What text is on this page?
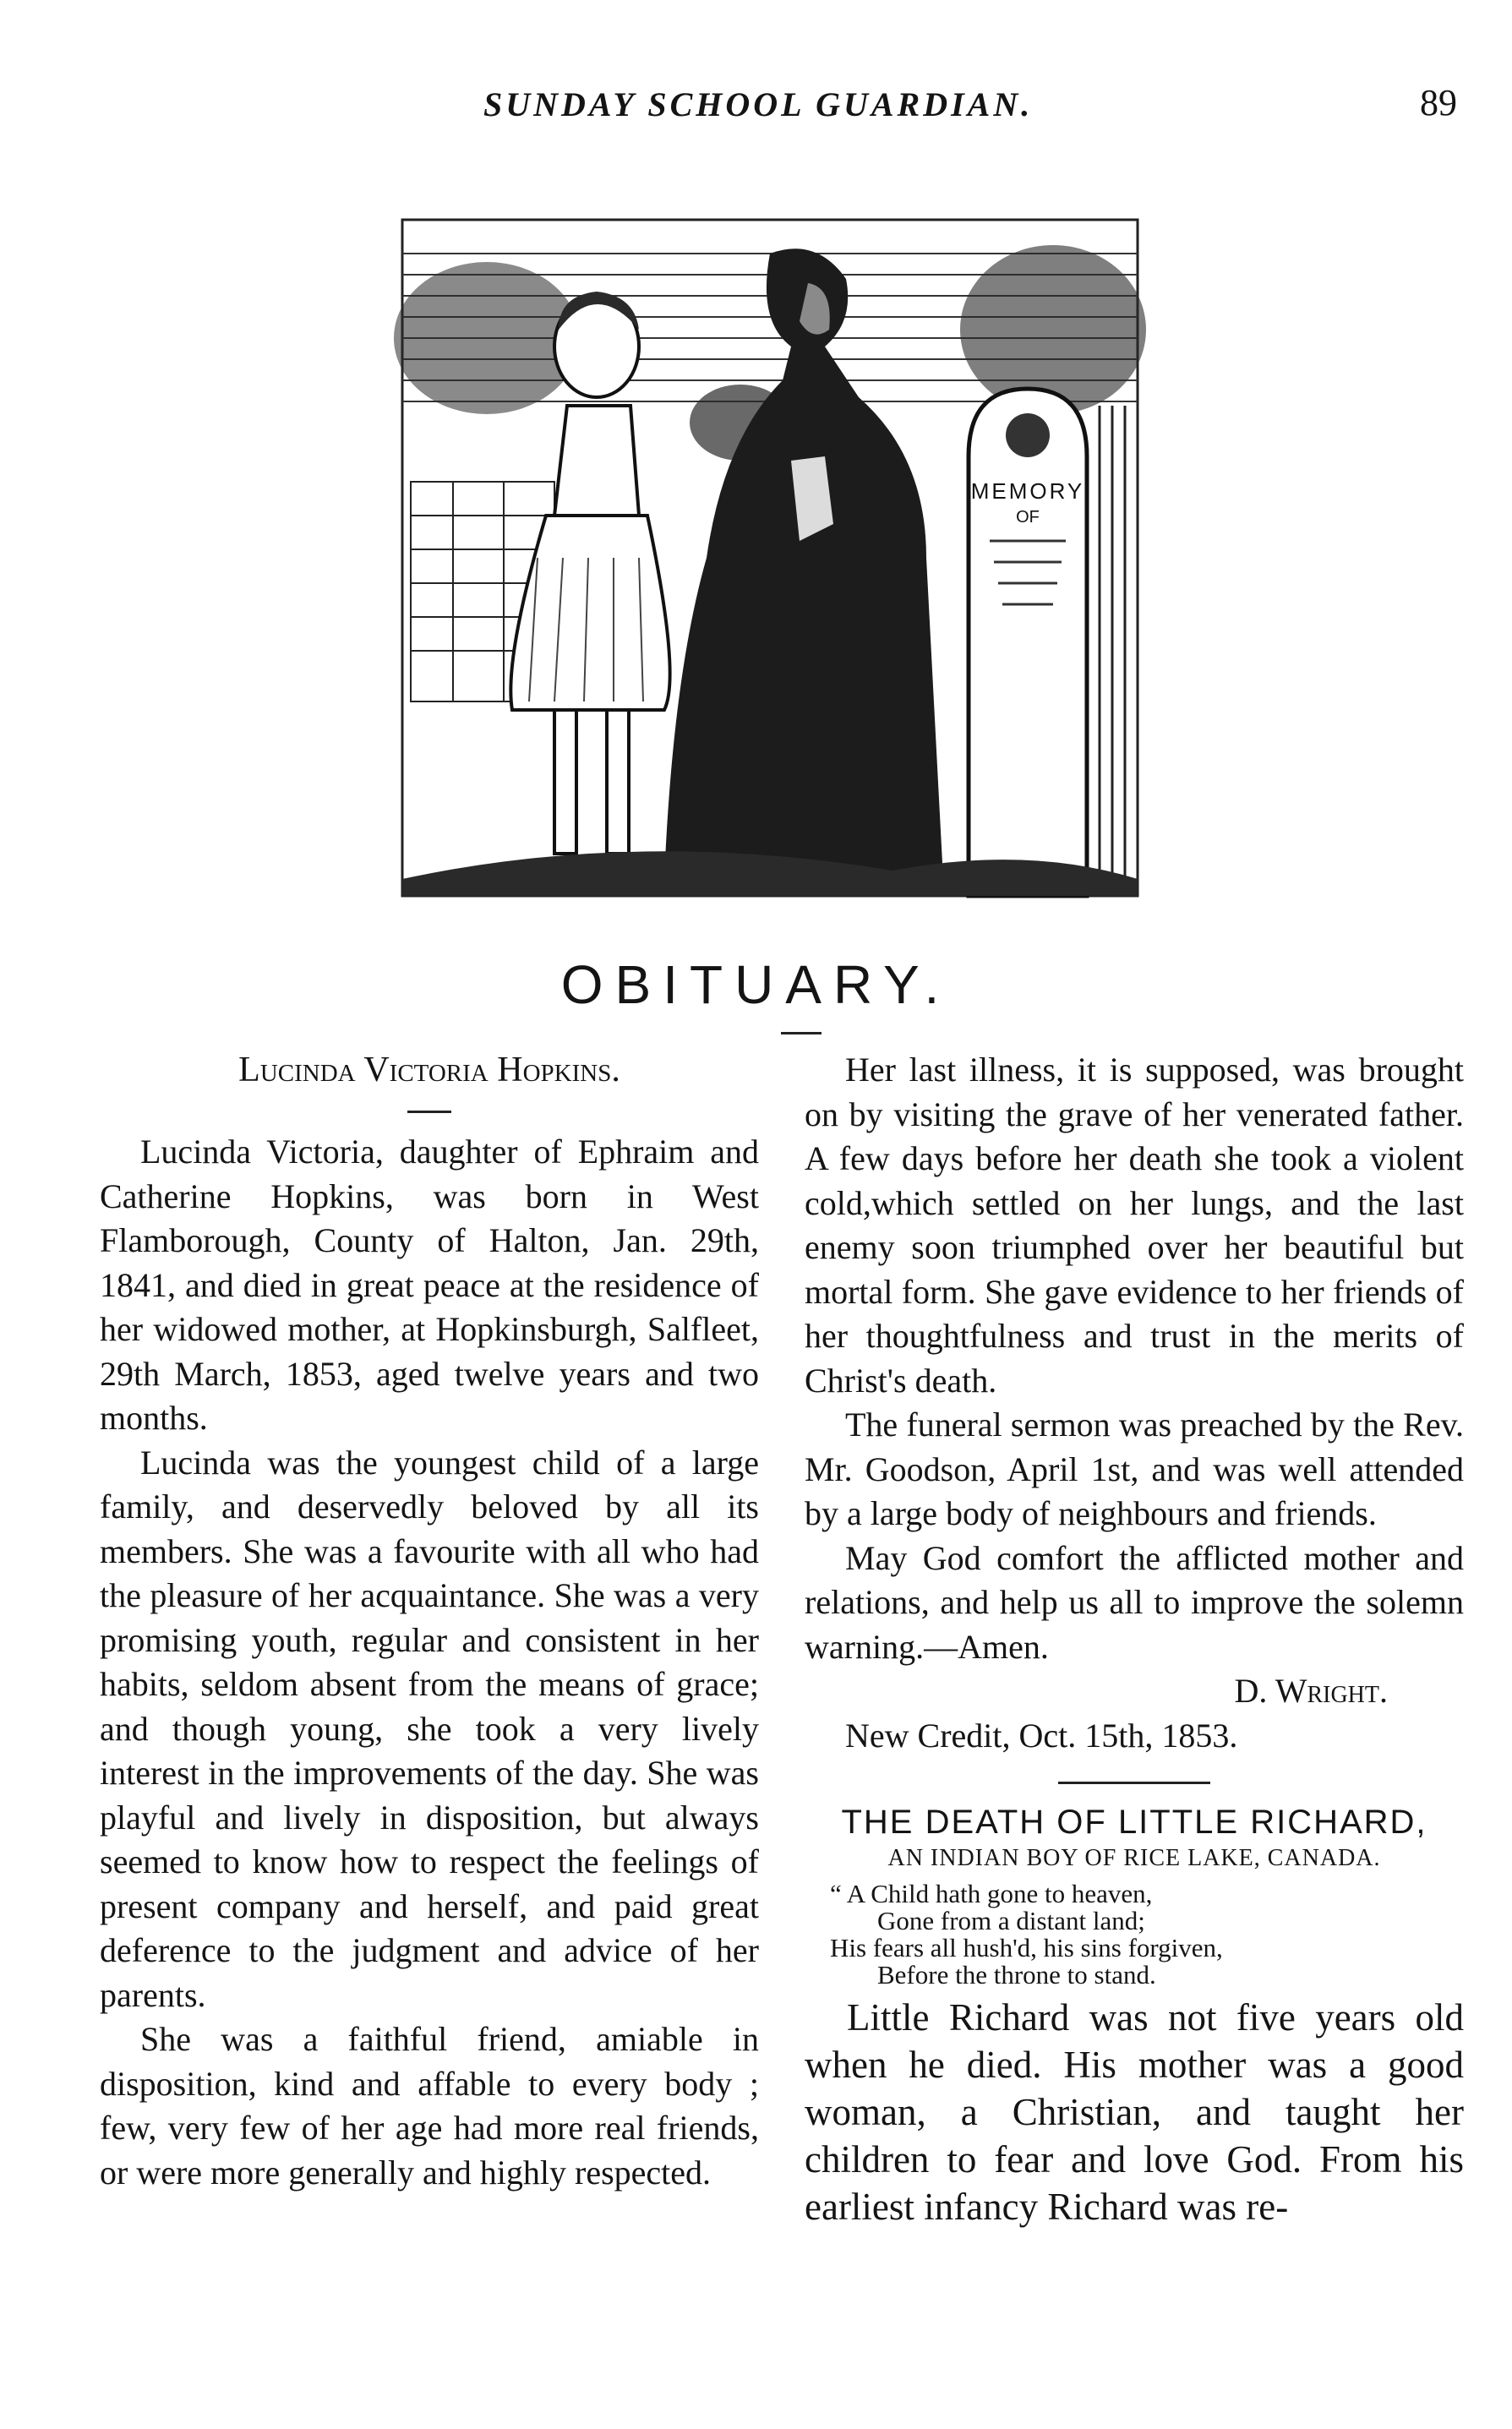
SUNDAY SCHOOL GUARDIAN.	89
MEMORY
OF
OBITUARY.

Lucinda Victoria Hopkins.

Lucinda Victoria, daughter of Ephraim and Catherine Hopkins, was born in West Flamborough, County of Halton, Jan. 29th, 1841, and died in great peace at the residence of her widowed mother, at Hopkinsburgh, Salfleet, 29th March, 1853, aged twelve years and two months.

Lucinda was the youngest child of a large family, and deservedly beloved by all its members. She was a favourite with all who had the pleasure of her acquaintance. She was a very promising youth, regular and consistent in her habits, seldom absent from the means of grace; and though young, she took a very lively interest in the improvements of the day. She was playful and lively in disposition, but always seemed to know how to respect the feelings of present company and herself, and paid great deference to the judgment and advice of her parents.

She was a faithful friend, amiable in disposition, kind and affable to every body ; few, very few of her age had more real friends, or were more generally and highly respected.

Her last illness, it is supposed, was brought on by visiting the grave of her venerated father. A few days before her death she took a violent cold,which settled on her lungs, and the last enemy soon triumphed over her beautiful but mortal form. She gave evidence to her friends of her thoughtfulness and trust in the merits of Christ's death.

The funeral sermon was preached by the Rev. Mr. Goodson, April 1st, and was well attended by a large body of neighbours and friends.

May God comfort the afflicted mother and relations, and help us all to improve the solemn warning.—Amen.

D. Wright.

New Credit, Oct. 15th, 1853.

THE DEATH OF LITTLE RICHARD,

AN INDIAN BOY OF RICE LAKE, CANADA.

“ A Child hath gone to heaven,
Gone from a distant land;
His fears all hush'd, his sins forgiven,
Before the throne to stand.

Little Richard was not five years old when he died. His mother was a good woman, a Christian, and taught her children to fear and love God. From his earliest infancy Richard was re-
